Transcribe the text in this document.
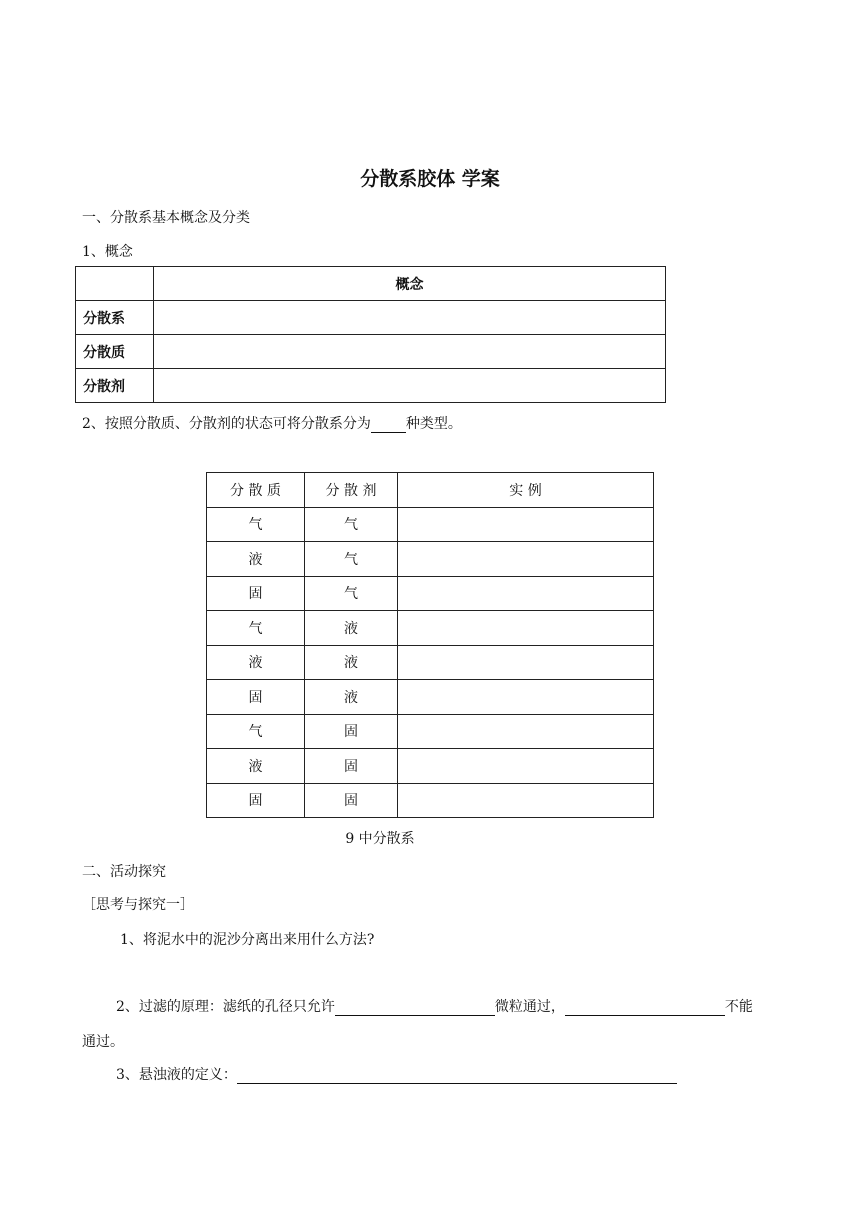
分散系胶体 学案
一、分散系基本概念及分类
1、概念
	概念
分散系	
分散质	
分散剂	
2、按照分散质、分散剂的状态可将分散系分为	种类型。
分 散 质	分 散 剂	实 例
气	气	
液	气	
固	气	
气	液	
液	液	
固	液	
气	固	
液	固	
固	固	
9 中分散系
二、活动探究
［思考与探究一］
1、将泥水中的泥沙分离出来用什么方法?
2、过滤的原理：滤纸的孔径只允许	微粒通过，	不能
通过。
3、悬浊液的定义：
